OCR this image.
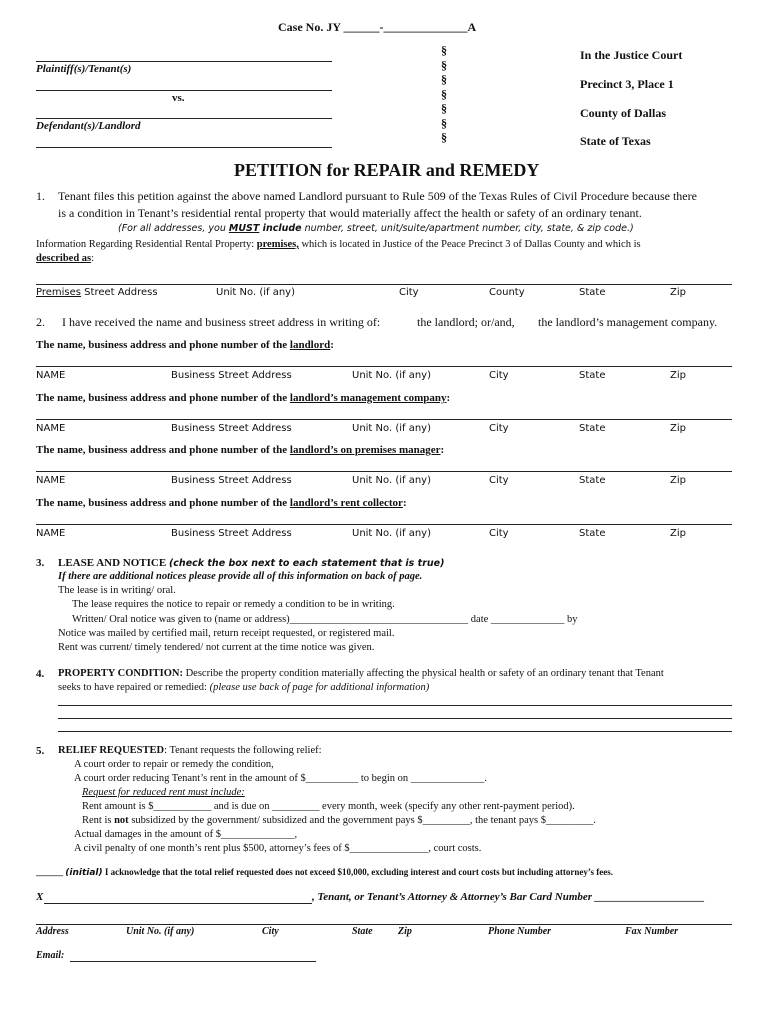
Case No. JY ______-______________A
Plaintiff(s)/Tenant(s)
vs.
Defendant(s)/Landlord
§
§
§
§
§
§
§
In the Justice Court
Precinct 3, Place 1
County of Dallas
State of Texas
PETITION for REPAIR and REMEDY
1. Tenant files this petition against the above named Landlord pursuant to Rule 509 of the Texas Rules of Civil Procedure because there
is a condition in Tenant’s residential rental property that would materially affect the health or safety of an ordinary tenant.
(For all addresses, you MUST include number, street, unit/suite/apartment number, city, state, & zip code.)
Information Regarding Residential Rental Property: premises, which is located in Justice of the Peace Precinct 3 of Dallas County and which is
described as:
Premises Street Address	Unit No. (if any)	City	County	State	Zip
2. I have received the name and business street address in writing of:	the landlord; or/and, the landlord’s management company.
The name, business address and phone number of the landlord:
NAME	Business Street Address	Unit No. (if any)	City	State	Zip
The name, business address and phone number of the landlord’s management company:
NAME	Business Street Address	Unit No. (if any)	City	State	Zip
The name, business address and phone number of the landlord’s on premises manager:
NAME	Business Street Address	Unit No. (if any)	City	State	Zip
The name, business address and phone number of the landlord’s rent collector:
NAME	Business Street Address	Unit No. (if any)	City	State	Zip
3. LEASE AND NOTICE (check the box next to each statement that is true)
If there are additional notices please provide all of this information on back of page.
The lease is in writing/ oral.
The lease requires the notice to repair or remedy a condition to be in writing.
Written/ Oral notice was given to (name or address)__________________________________ date ______________ by
Notice was mailed by certified mail, return receipt requested, or registered mail.
Rent was current/ timely tendered/ not current at the time notice was given.
4. PROPERTY CONDITION: Describe the property condition materially affecting the physical health or safety of an ordinary tenant that Tenant
seeks to have repaired or remedied: (please use back of page for additional information)
5. RELIEF REQUESTED: Tenant requests the following relief:
A court order to repair or remedy the condition,
A court order reducing Tenant’s rent in the amount of $__________ to begin on ______________.
Request for reduced rent must include:
Rent amount is $___________ and is due on _________ every month, week (specify any other rent-payment period).
Rent is not subsidized by the government/ subsidized and the government pays $_________, the tenant pays $_________.
Actual damages in the amount of $______________,
A civil penalty of one month’s rent plus $500, attorney’s fees of $_______________, court costs.
______ (initial) I acknowledge that the total relief requested does not exceed $10,000, excluding interest and court costs but including attorney’s fees.
X	, Tenant, or Tenant’s Attorney & Attorney’s Bar Card Number ____________________
Address	Unit No. (if any)	City	State	Zip	Phone Number	Fax Number
Email:
